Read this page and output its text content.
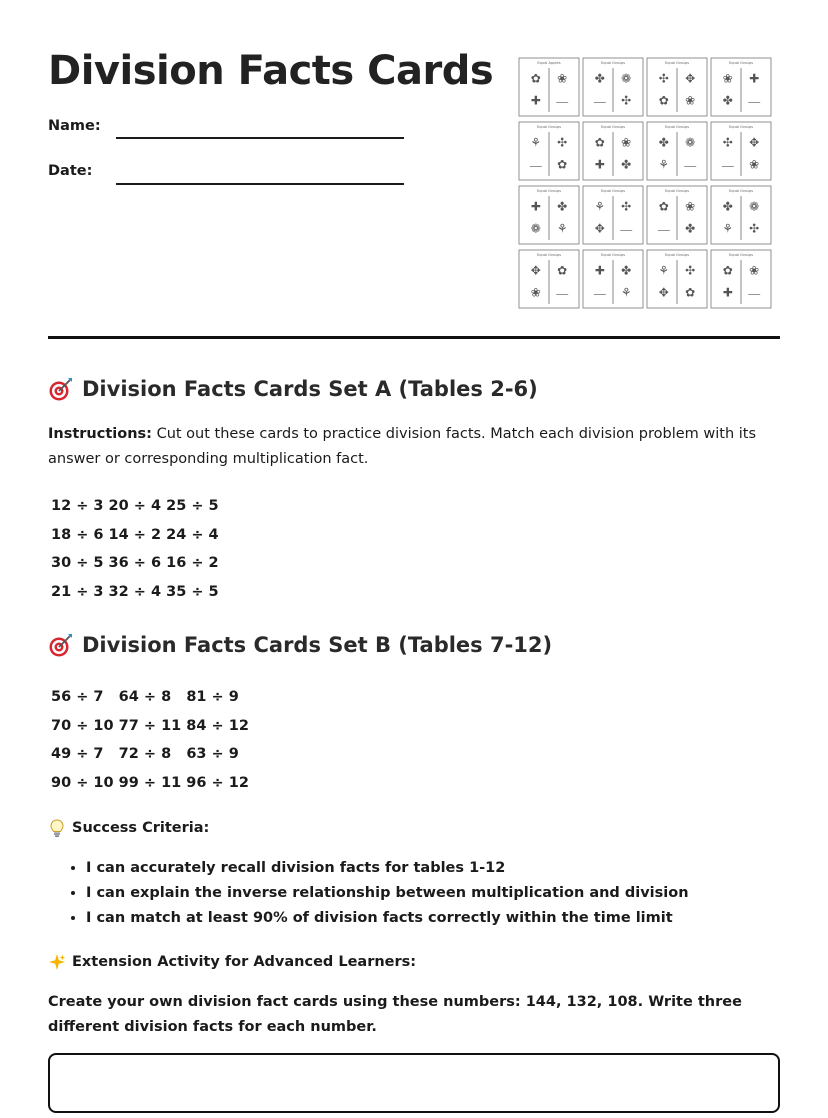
Division Facts Cards
Name:
Date:
Equal Apples
✿ ❀
✚
Equal Groups
✤ ❁
✣
Equal Groups
✣ ✥
✿ ❀
Equal Groups
❀ ✚
✤
Equal Groups
⚘ ✣
✿
Equal Groups
✿ ❀
✚ ✤
Equal Groups
✤ ❁
⚘
Equal Groups
✣ ✥
❀
Equal Groups
✚ ✤
❁ ⚘
Equal Groups
⚘ ✣
✥
Equal Groups
✿ ❀
✤
Equal Groups
✤ ❁
⚘ ✣
Equal Groups
✥ ✿
❀
Equal Groups
✚ ✤
⚘
Equal Groups
⚘ ✣
✥ ✿
Equal Groups
✿ ❀
✚
Division Facts Cards Set A (Tables 2-6)
Instructions: Cut out these cards to practice division facts. Match each division problem with its answer or corresponding multiplication fact.
12 ÷ 3 20 ÷ 4 25 ÷ 5
18 ÷ 6 14 ÷ 2 24 ÷ 4
30 ÷ 5 36 ÷ 6 16 ÷ 2
21 ÷ 3 32 ÷ 4 35 ÷ 5
Division Facts Cards Set B (Tables 7-12)
56 ÷ 7   64 ÷ 8   81 ÷ 9
70 ÷ 10 77 ÷ 11 84 ÷ 12
49 ÷ 7   72 ÷ 8   63 ÷ 9
90 ÷ 10 99 ÷ 11 96 ÷ 12
Success Criteria:
• I can accurately recall division facts for tables 1-12
• I can explain the inverse relationship between multiplication and division
• I can match at least 90% of division facts correctly within the time limit
Extension Activity for Advanced Learners:
Create your own division fact cards using these numbers: 144, 132, 108. Write three different division facts for each number.
